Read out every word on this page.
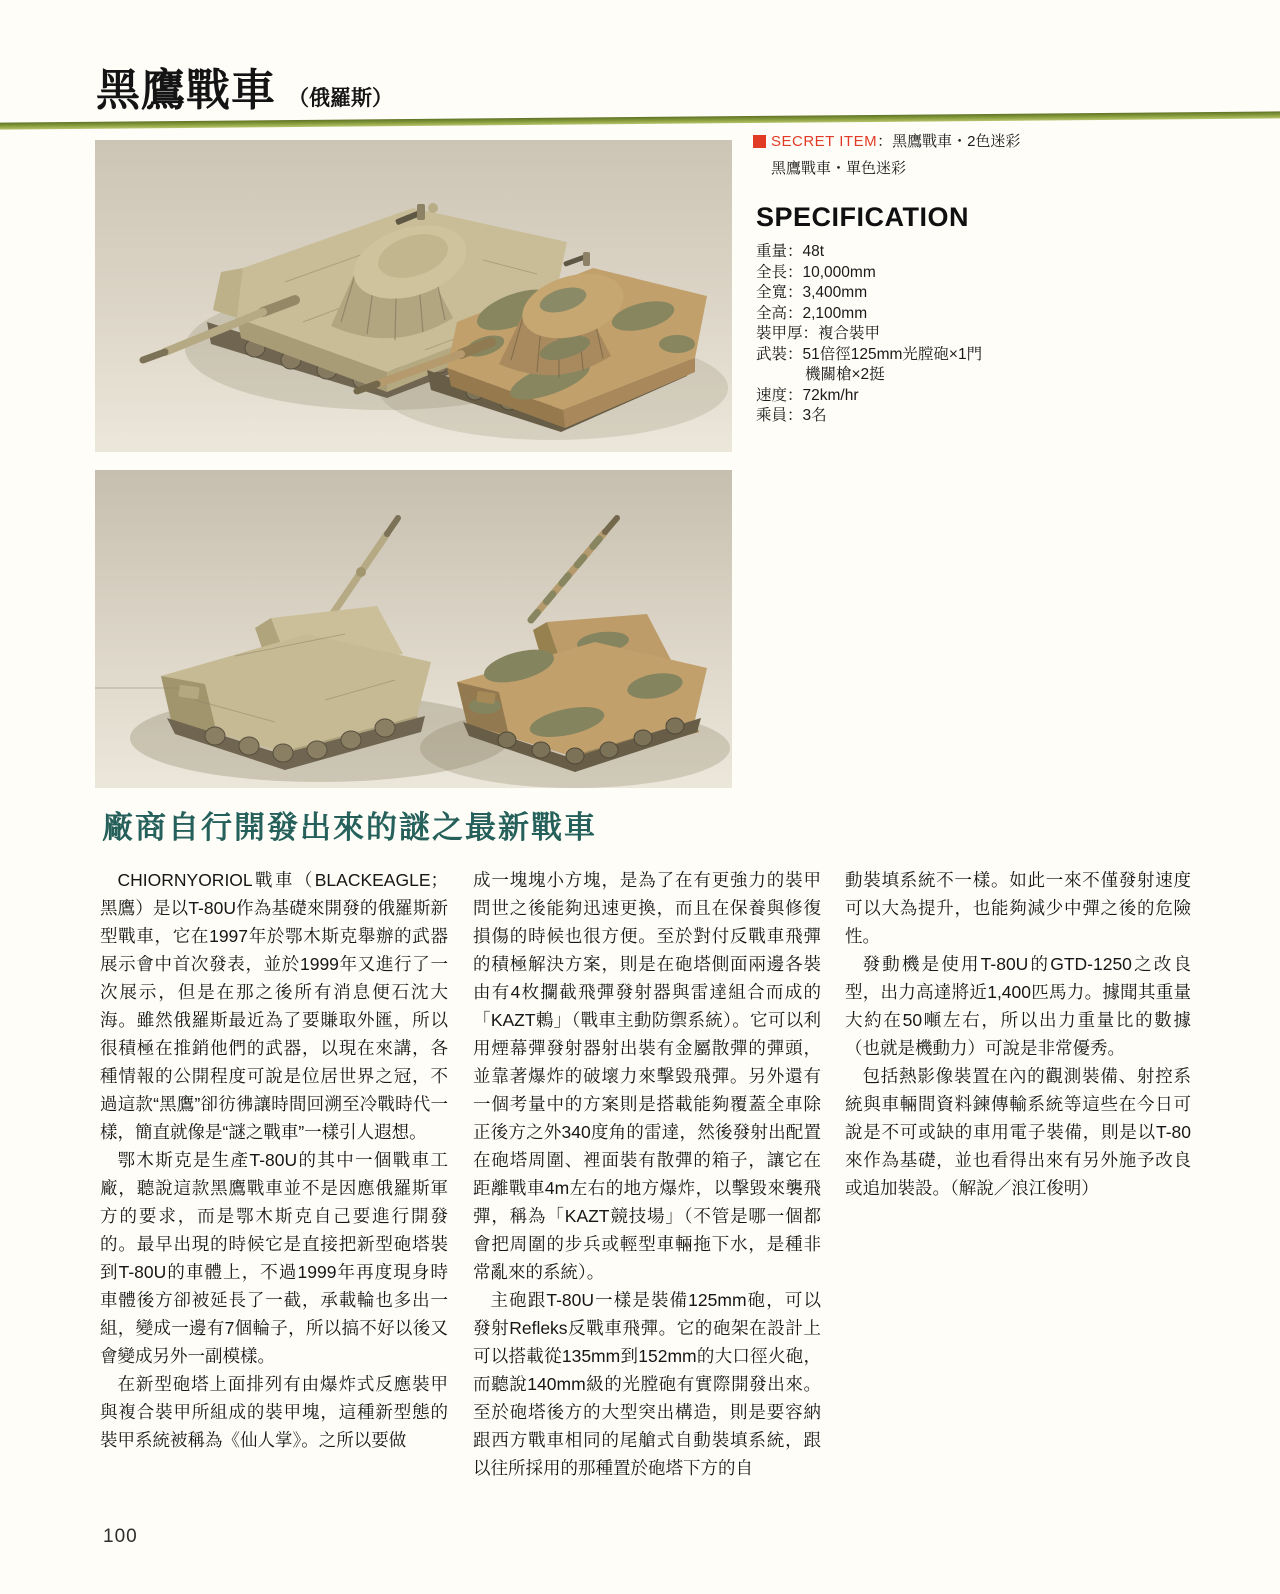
黑鷹戰車 （俄羅斯）
SECRET ITEM ：黑鷹戰車・2色迷彩
黑鷹戰車・單色迷彩
SPECIFICATION
重量：48t
全長：10,000mm
全寬：3,400mm
全高：2,100mm
裝甲厚：複合裝甲
武裝：51倍徑125mm光膛砲×1門
機關槍×2挺
速度：72km/hr
乘員：3名
廠商自行開發出來的謎之最新戰車

CHIORNYORIOL戰車（BLACKEAGLE；黑鷹）是以T-80U作為基礎來開發的俄羅斯新型戰車，它在1997年於鄂木斯克舉辦的武器展示會中首次發表，並於1999年又進行了一次展示，但是在那之後所有消息便石沈大海。雖然俄羅斯最近為了要賺取外匯，所以很積極在推銷他們的武器，以現在來講，各種情報的公開程度可說是位居世界之冠，不過這款“黑鷹”卻彷彿讓時間回溯至冷戰時代一樣，簡直就像是“謎之戰車”一樣引人遐想。

鄂木斯克是生產T-80U的其中一個戰車工廠，聽說這款黑鷹戰車並不是因應俄羅斯軍方的要求，而是鄂木斯克自己要進行開發的。最早出現的時候它是直接把新型砲塔裝到T-80U的車體上，不過1999年再度現身時車體後方卻被延長了一截，承載輪也多出一組，變成一邊有7個輪子，所以搞不好以後又會變成另外一副模樣。

在新型砲塔上面排列有由爆炸式反應裝甲與複合裝甲所組成的裝甲塊，這種新型態的裝甲系統被稱為《仙人掌》。之所以要做

成一塊塊小方塊，是為了在有更強力的裝甲問世之後能夠迅速更換，而且在保養與修復損傷的時候也很方便。至於對付反戰車飛彈的積極解決方案，則是在砲塔側面兩邊各裝由有4枚攔截飛彈發射器與雷達組合而成的「KAZT鶇」（戰車主動防禦系統）。它可以利用煙幕彈發射器射出裝有金屬散彈的彈頭，並靠著爆炸的破壞力來擊毀飛彈。另外還有一個考量中的方案則是搭載能夠覆蓋全車除正後方之外340度角的雷達，然後發射出配置在砲塔周圍、裡面裝有散彈的箱子，讓它在距離戰車4m左右的地方爆炸，以擊毀來襲飛彈，稱為「KAZT競技場」（不管是哪一個都會把周圍的步兵或輕型車輛拖下水，是種非常亂來的系統）。

主砲跟T-80U一樣是裝備125mm砲，可以發射Refleks反戰車飛彈。它的砲架在設計上可以搭載從135mm到152mm的大口徑火砲，而聽說140mm級的光膛砲有實際開發出來。至於砲塔後方的大型突出構造，則是要容納跟西方戰車相同的尾艙式自動裝填系統，跟以往所採用的那種置於砲塔下方的自

動裝填系統不一樣。如此一來不僅發射速度可以大為提升，也能夠減少中彈之後的危險性。

發動機是使用T-80U的GTD-1250之改良型，出力高達將近1,400匹馬力。據聞其重量大約在50噸左右，所以出力重量比的數據（也就是機動力）可說是非常優秀。

包括熱影像裝置在內的觀測裝備、射控系統與車輛間資料鍊傳輸系統等這些在今日可說是不可或缺的車用電子裝備，則是以T-80來作為基礎，並也看得出來有另外施予改良或追加裝設。（解說／浪江俊明）

100
